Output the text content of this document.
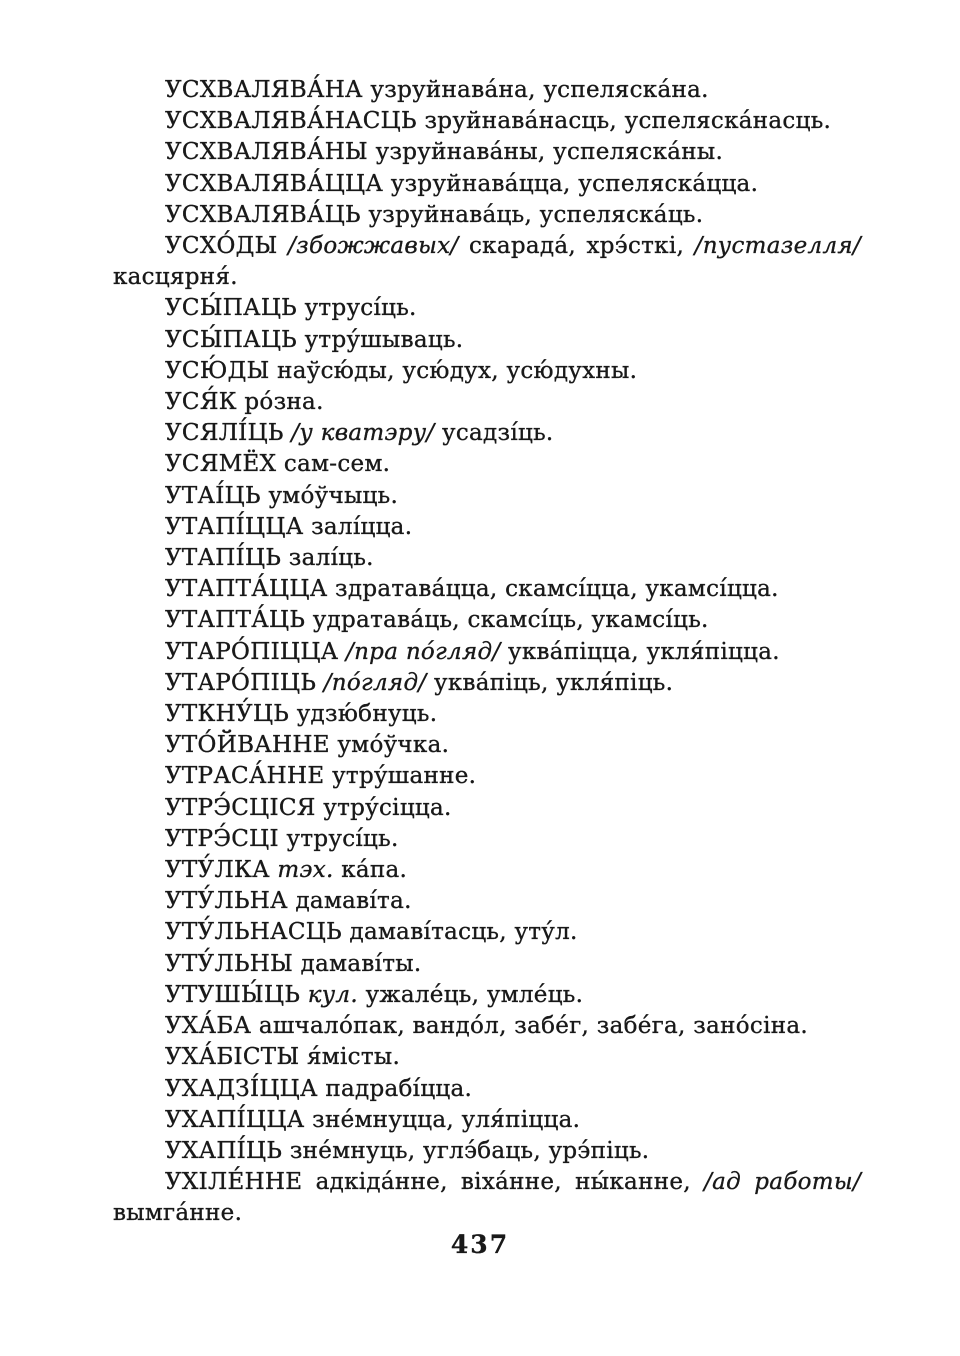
УСХВАЛЯВА́НА узруйнава́на, успеляска́на.

УСХВАЛЯВА́НАСЦЬ зруйнава́насць, успеляска́насць.

УСХВАЛЯВА́НЫ узруйнава́ны, успеляска́ны.

УСХВАЛЯВА́ЦЦА узруйнава́цца, успеляска́цца.

УСХВАЛЯВА́ЦЬ узруйнава́ць, успеляска́ць.

УСХО́ДЫ /збожжавых/ скарада́, хрэ́сткі, /пустазелля/ касцярня́.

УСЫ́ПАЦЬ утрусі́ць.

УСЫ́ПАЦЬ утру́шываць.

УСЮ́ДЫ наўсю́ды, усю́дух, усю́духны.

УСЯ́К ро́зна.

УСЯЛІ́ЦЬ /у кватэру/ усадзі́ць.

УСЯМЁХ сам-сем.

УТАІ́ЦЬ умо́ўчыць.

УТАПІ́ЦЦА залі́цца.

УТАПІ́ЦЬ залі́ць.

УТАПТА́ЦЦА здратава́цца, скамсі́цца, укамсі́цца.

УТАПТА́ЦЬ удратава́ць, скамсі́ць, укамсі́ць.

УТАРО́ПІЦЦА /пра по́гляд/ уква́піцца, укля́піцца.

УТАРО́ПІЦЬ /по́гляд/ уква́піць, укля́піць.

УТКНУ́ЦЬ удзю́бнуць.

УТО́ЙВАННЕ умо́ўчка.

УТРАСА́ННЕ утру́шанне.

УТРЭ́СЦІСЯ утру́сіцца.

УТРЭ́СЦІ утрусі́ць.

УТУ́ЛКА тэх. ка́па.

УТУ́ЛЬНА дамаві́та.

УТУ́ЛЬНАСЦЬ дамаві́тасць, уту́л.

УТУ́ЛЬНЫ дамаві́ты.

УТУШЫ́ЦЬ кул. ужале́ць, умле́ць.

УХА́БА ашчало́пак, вандо́л, забе́г, забе́га, зано́сіна.

УХА́БІСТЫ я́місты.

УХАДЗІ́ЦЦА падрабі́цца.

УХАПІ́ЦЦА зне́мнуцца, уля́піцца.

УХАПІ́ЦЬ зне́мнуць, углэ́баць, урэ́піць.

УХІЛЕ́ННЕ адкіда́нне, віха́нне, ны́канне, /ад работы/ вымга́нне.

437
